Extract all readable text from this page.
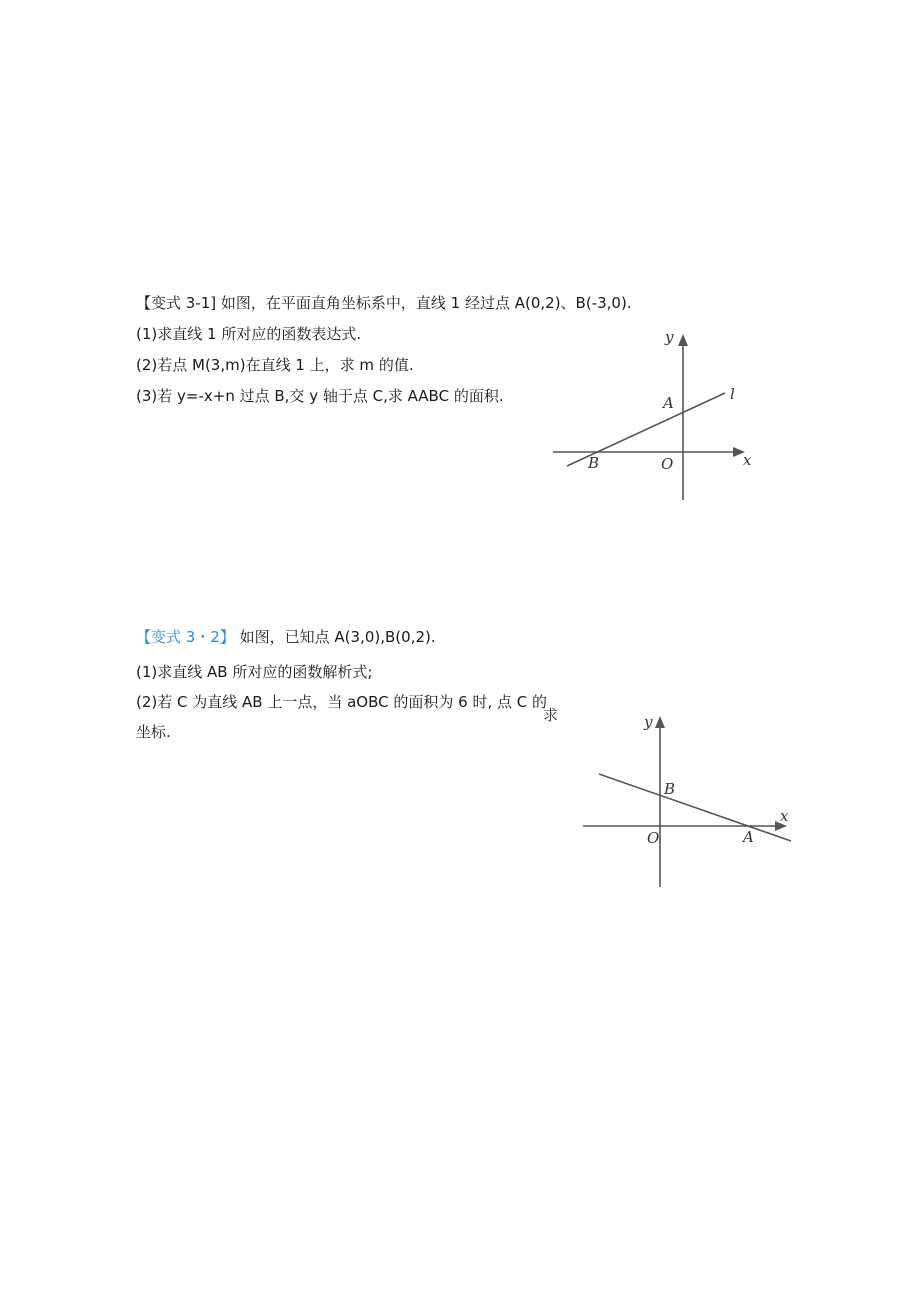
【变式 3-1] 如图，在平面直角坐标系中，直线 1 经过点 A(0,2)、B(-3,0).
(1)求直线 1 所对应的函数表达式.
(2)若点 M(3,m)在直线 1 上，求 m 的值.
(3)若 y=-x+n 过点 B,交 y 轴于点 C,求 AABC 的面积.
y
x
O
A
B
l
【变式 3・2】 如图，已知点 A(3,0),B(0,2).
(1)求直线 AB 所对应的函数解析式;
(2)若 C 为直线 AB 上一点，当 aOBC 的面积为 6 时, 点 C 的
坐标.
求	y
x
O
B
A
